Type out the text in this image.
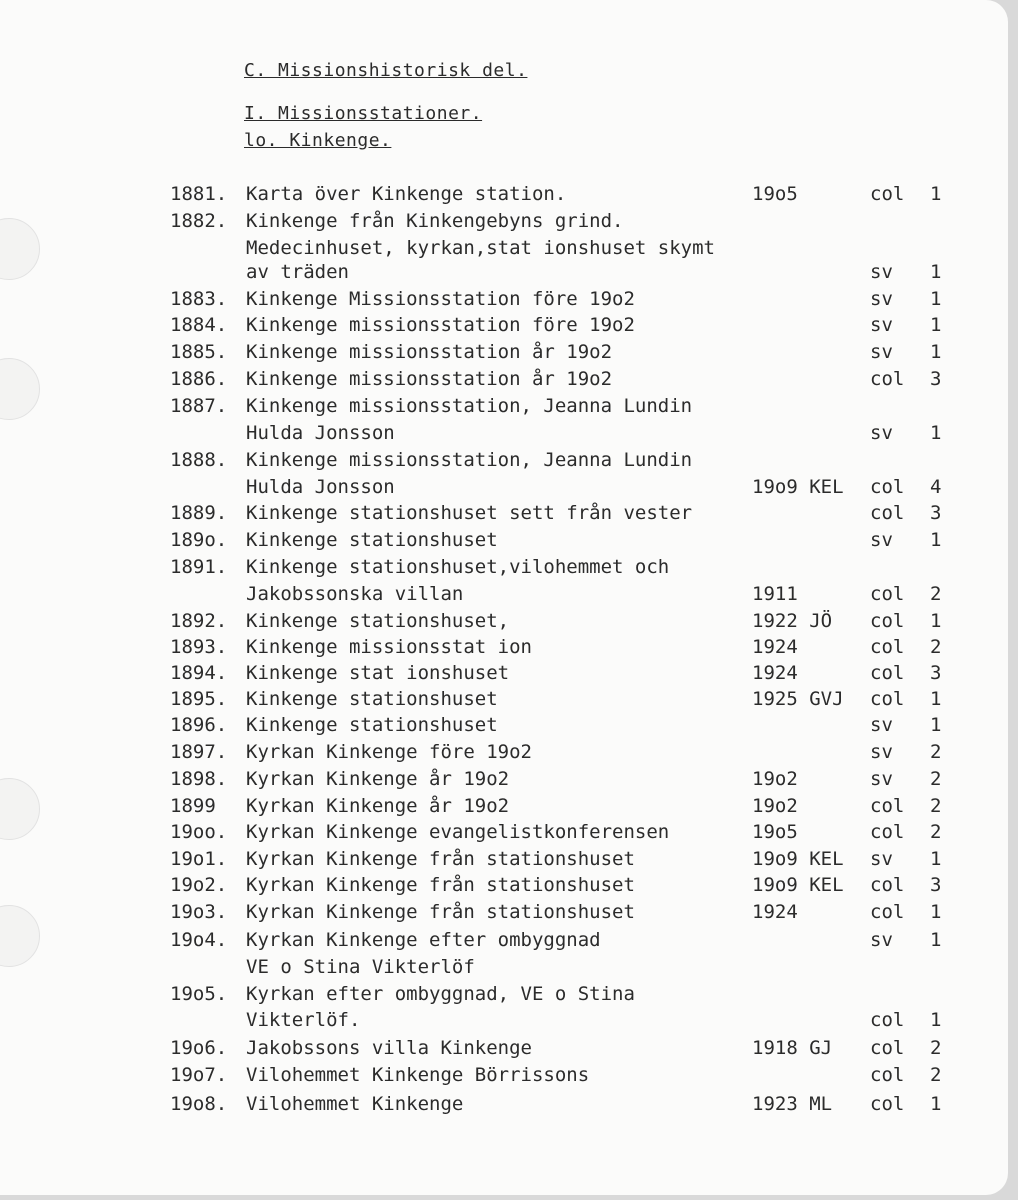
C. Missionshistorisk del.
I. Missionsstationer.
lo. Kinkenge.
1881. Karta över Kinkenge station.	19o5	col 1
1882. Kinkenge från Kinkengebyns grind.
Medecinhuset, kyrkan,stat ionshuset skymt
av träden	sv 1
1883. Kinkenge Missionsstation före 19o2	sv 1
1884. Kinkenge missionsstation före 19o2	sv 1
1885. Kinkenge missionsstation år 19o2	sv 1
1886. Kinkenge missionsstation år 19o2	col 3
1887. Kinkenge missionsstation, Jeanna Lundin
Hulda Jonsson	sv 1
1888. Kinkenge missionsstation, Jeanna Lundin
Hulda Jonsson	19o9 KEL col 4
1889. Kinkenge stationshuset sett från vester	col 3
189o. Kinkenge stationshuset	sv 1
1891. Kinkenge stationshuset,vilohemmet och
Jakobssonska villan	1911	col 2
1892. Kinkenge stationshuset,	1922 JÖ col 1
1893. Kinkenge missionsstat ion	1924	col 2
1894. Kinkenge stat ionshuset	1924	col 3
1895. Kinkenge stationshuset	1925 GVJ col 1
1896. Kinkenge stationshuset	sv 1
1897. Kyrkan Kinkenge före 19o2	sv 2
1898. Kyrkan Kinkenge år 19o2	19o2	sv 2
1899 Kyrkan Kinkenge år 19o2	19o2	col 2
19oo. Kyrkan Kinkenge evangelistkonferensen	19o5	col 2
19o1. Kyrkan Kinkenge från stationshuset	19o9 KEL sv 1
19o2. Kyrkan Kinkenge från stationshuset	19o9 KEL col 3
19o3. Kyrkan Kinkenge från stationshuset	1924	col 1
19o4. Kyrkan Kinkenge efter ombyggnad	sv 1
VE o Stina Vikterlöf
19o5. Kyrkan efter ombyggnad, VE o Stina
Vikterlöf.	col 1
19o6. Jakobssons villa Kinkenge	1918 GJ col 2
19o7. Vilohemmet Kinkenge Börrissons	col 2
19o8. Vilohemmet Kinkenge	1923 ML col 1
